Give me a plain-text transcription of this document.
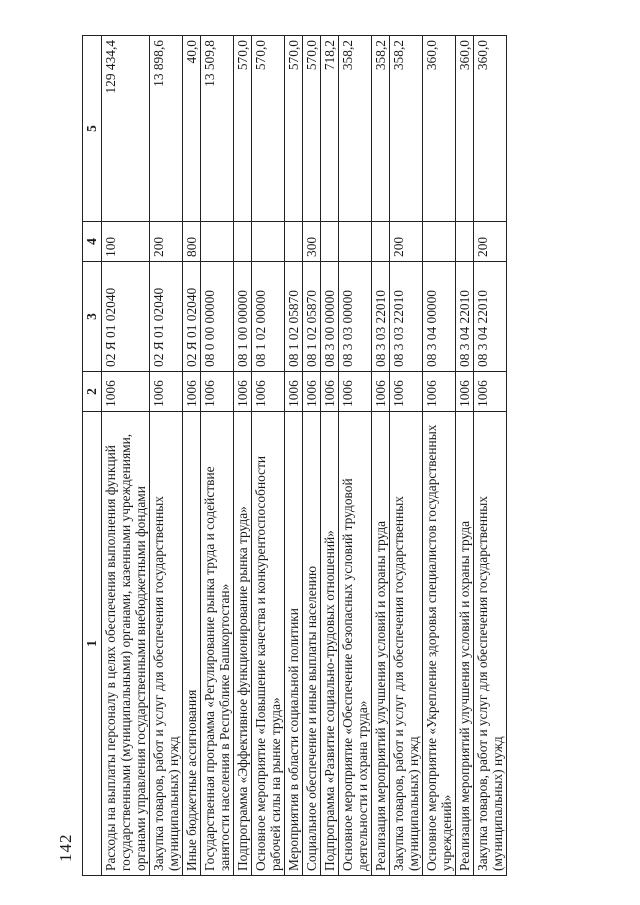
142
1	2	3	4	5
Расходы на выплаты персоналу в целях обеспечения выполнения функций государственными (муниципальными) органами, казенными учреждениями, органами управления государственными внебюджетными фондами	1006	02 Я 01 02040	100	129 434,4
Закупка товаров, работ и услуг для обеспечения государственных (муниципальных) нужд	1006	02 Я 01 02040	200	13 898,6
Иные бюджетные ассигнования	1006	02 Я 01 02040	800	40,0
Государственная программа «Регулирование рынка труда и содействие занятости населения в Республике Башкортостан»	1006	08 0 00 00000		13 509,8
Подпрограмма «Эффективное функционирование рынка труда»	1006	08 1 00 00000		570,0
Основное мероприятие «Повышение качества и конкурентоспособности рабочей силы на рынке труда»	1006	08 1 02 00000		570,0
Мероприятия в области социальной политики	1006	08 1 02 05870		570,0
Социальное обеспечение и иные выплаты населению	1006	08 1 02 05870	300	570,0
Подпрограмма «Развитие социально-трудовых отношений»	1006	08 3 00 00000		718,2
Основное мероприятие «Обеспечение безопасных условий трудовой деятельности и охрана труда»	1006	08 3 03 00000		358,2
Реализация мероприятий улучшения условий и охраны труда	1006	08 3 03 22010		358,2
Закупка товаров, работ и услуг для обеспечения государственных (муниципальных) нужд	1006	08 3 03 22010	200	358,2
Основное мероприятие «Укрепление здоровья специалистов государственных учреждений»	1006	08 3 04 00000		360,0
Реализация мероприятий улучшения условий и охраны труда	1006	08 3 04 22010		360,0
Закупка товаров, работ и услуг для обеспечения государственных (муниципальных) нужд	1006	08 3 04 22010	200	360,0
